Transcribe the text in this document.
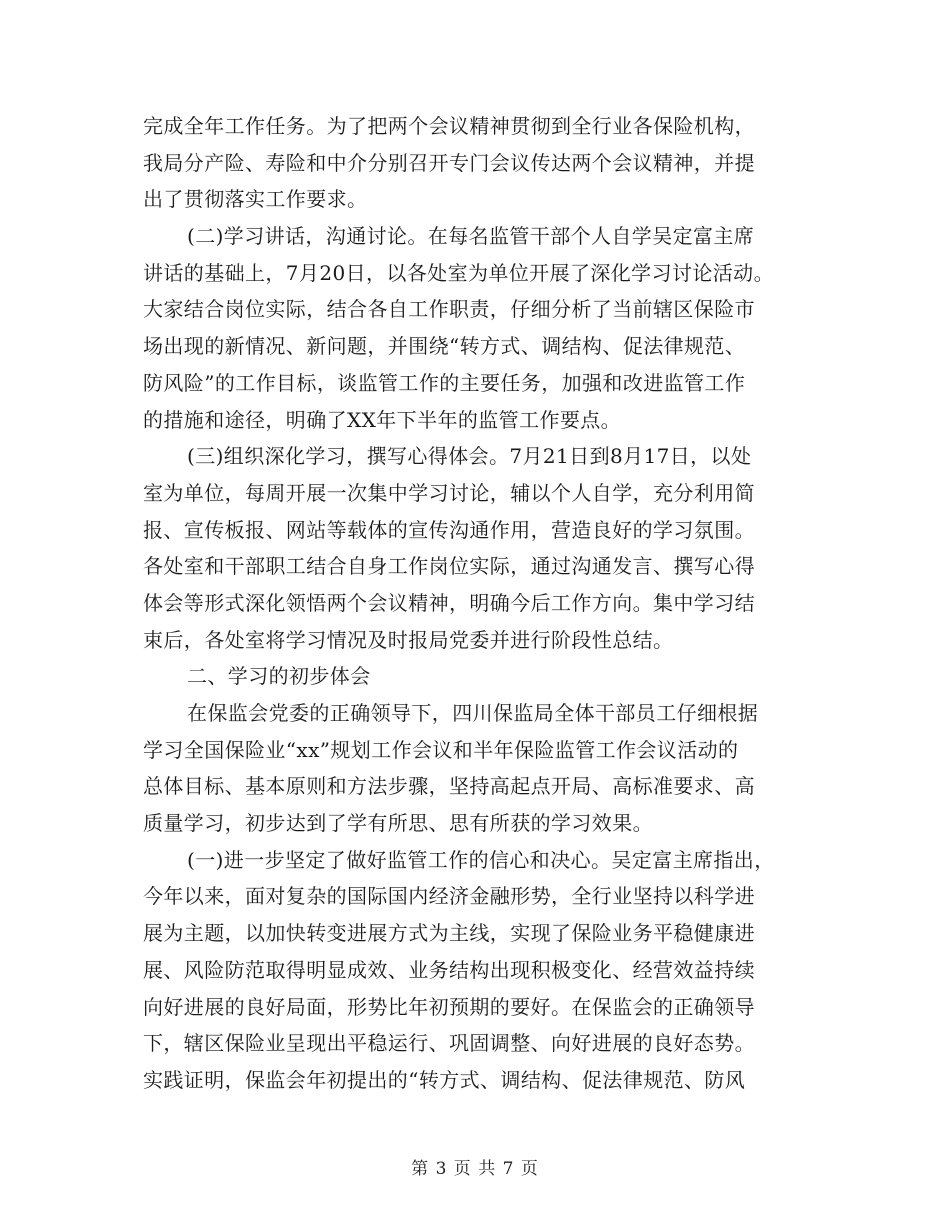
完成全年工作任务。为了把两个会议精神贯彻到全行业各保险机构，
我局分产险、寿险和中介分别召开专门会议传达两个会议精神，并提
出了贯彻落实工作要求。
(二)学习讲话，沟通讨论。在每名监管干部个人自学吴定富主席
讲话的基础上，7月20日，以各处室为单位开展了深化学习讨论活动。
大家结合岗位实际，结合各自工作职责，仔细分析了当前辖区保险市
场出现的新情况、新问题，并围绕“转方式、调结构、促法律规范、
防风险”的工作目标，谈监管工作的主要任务，加强和改进监管工作
的措施和途径，明确了XX年下半年的监管工作要点。
(三)组织深化学习，撰写心得体会。7月21日到8月17日，以处
室为单位，每周开展一次集中学习讨论，辅以个人自学，充分利用简
报、宣传板报、网站等载体的宣传沟通作用，营造良好的学习氛围。
各处室和干部职工结合自身工作岗位实际，通过沟通发言、撰写心得
体会等形式深化领悟两个会议精神，明确今后工作方向。集中学习结
束后，各处室将学习情况及时报局党委并进行阶段性总结。
二、学习的初步体会
在保监会党委的正确领导下，四川保监局全体干部员工仔细根据
学习全国保险业“xx”规划工作会议和半年保险监管工作会议活动的
总体目标、基本原则和方法步骤，坚持高起点开局、高标准要求、高
质量学习，初步达到了学有所思、思有所获的学习效果。
(一)进一步坚定了做好监管工作的信心和决心。吴定富主席指出，
今年以来，面对复杂的国际国内经济金融形势，全行业坚持以科学进
展为主题，以加快转变进展方式为主线，实现了保险业务平稳健康进
展、风险防范取得明显成效、业务结构出现积极变化、经营效益持续
向好进展的良好局面，形势比年初预期的要好。在保监会的正确领导
下，辖区保险业呈现出平稳运行、巩固调整、向好进展的良好态势。
实践证明，保监会年初提出的“转方式、调结构、促法律规范、防风
第 3 页 共 7 页
